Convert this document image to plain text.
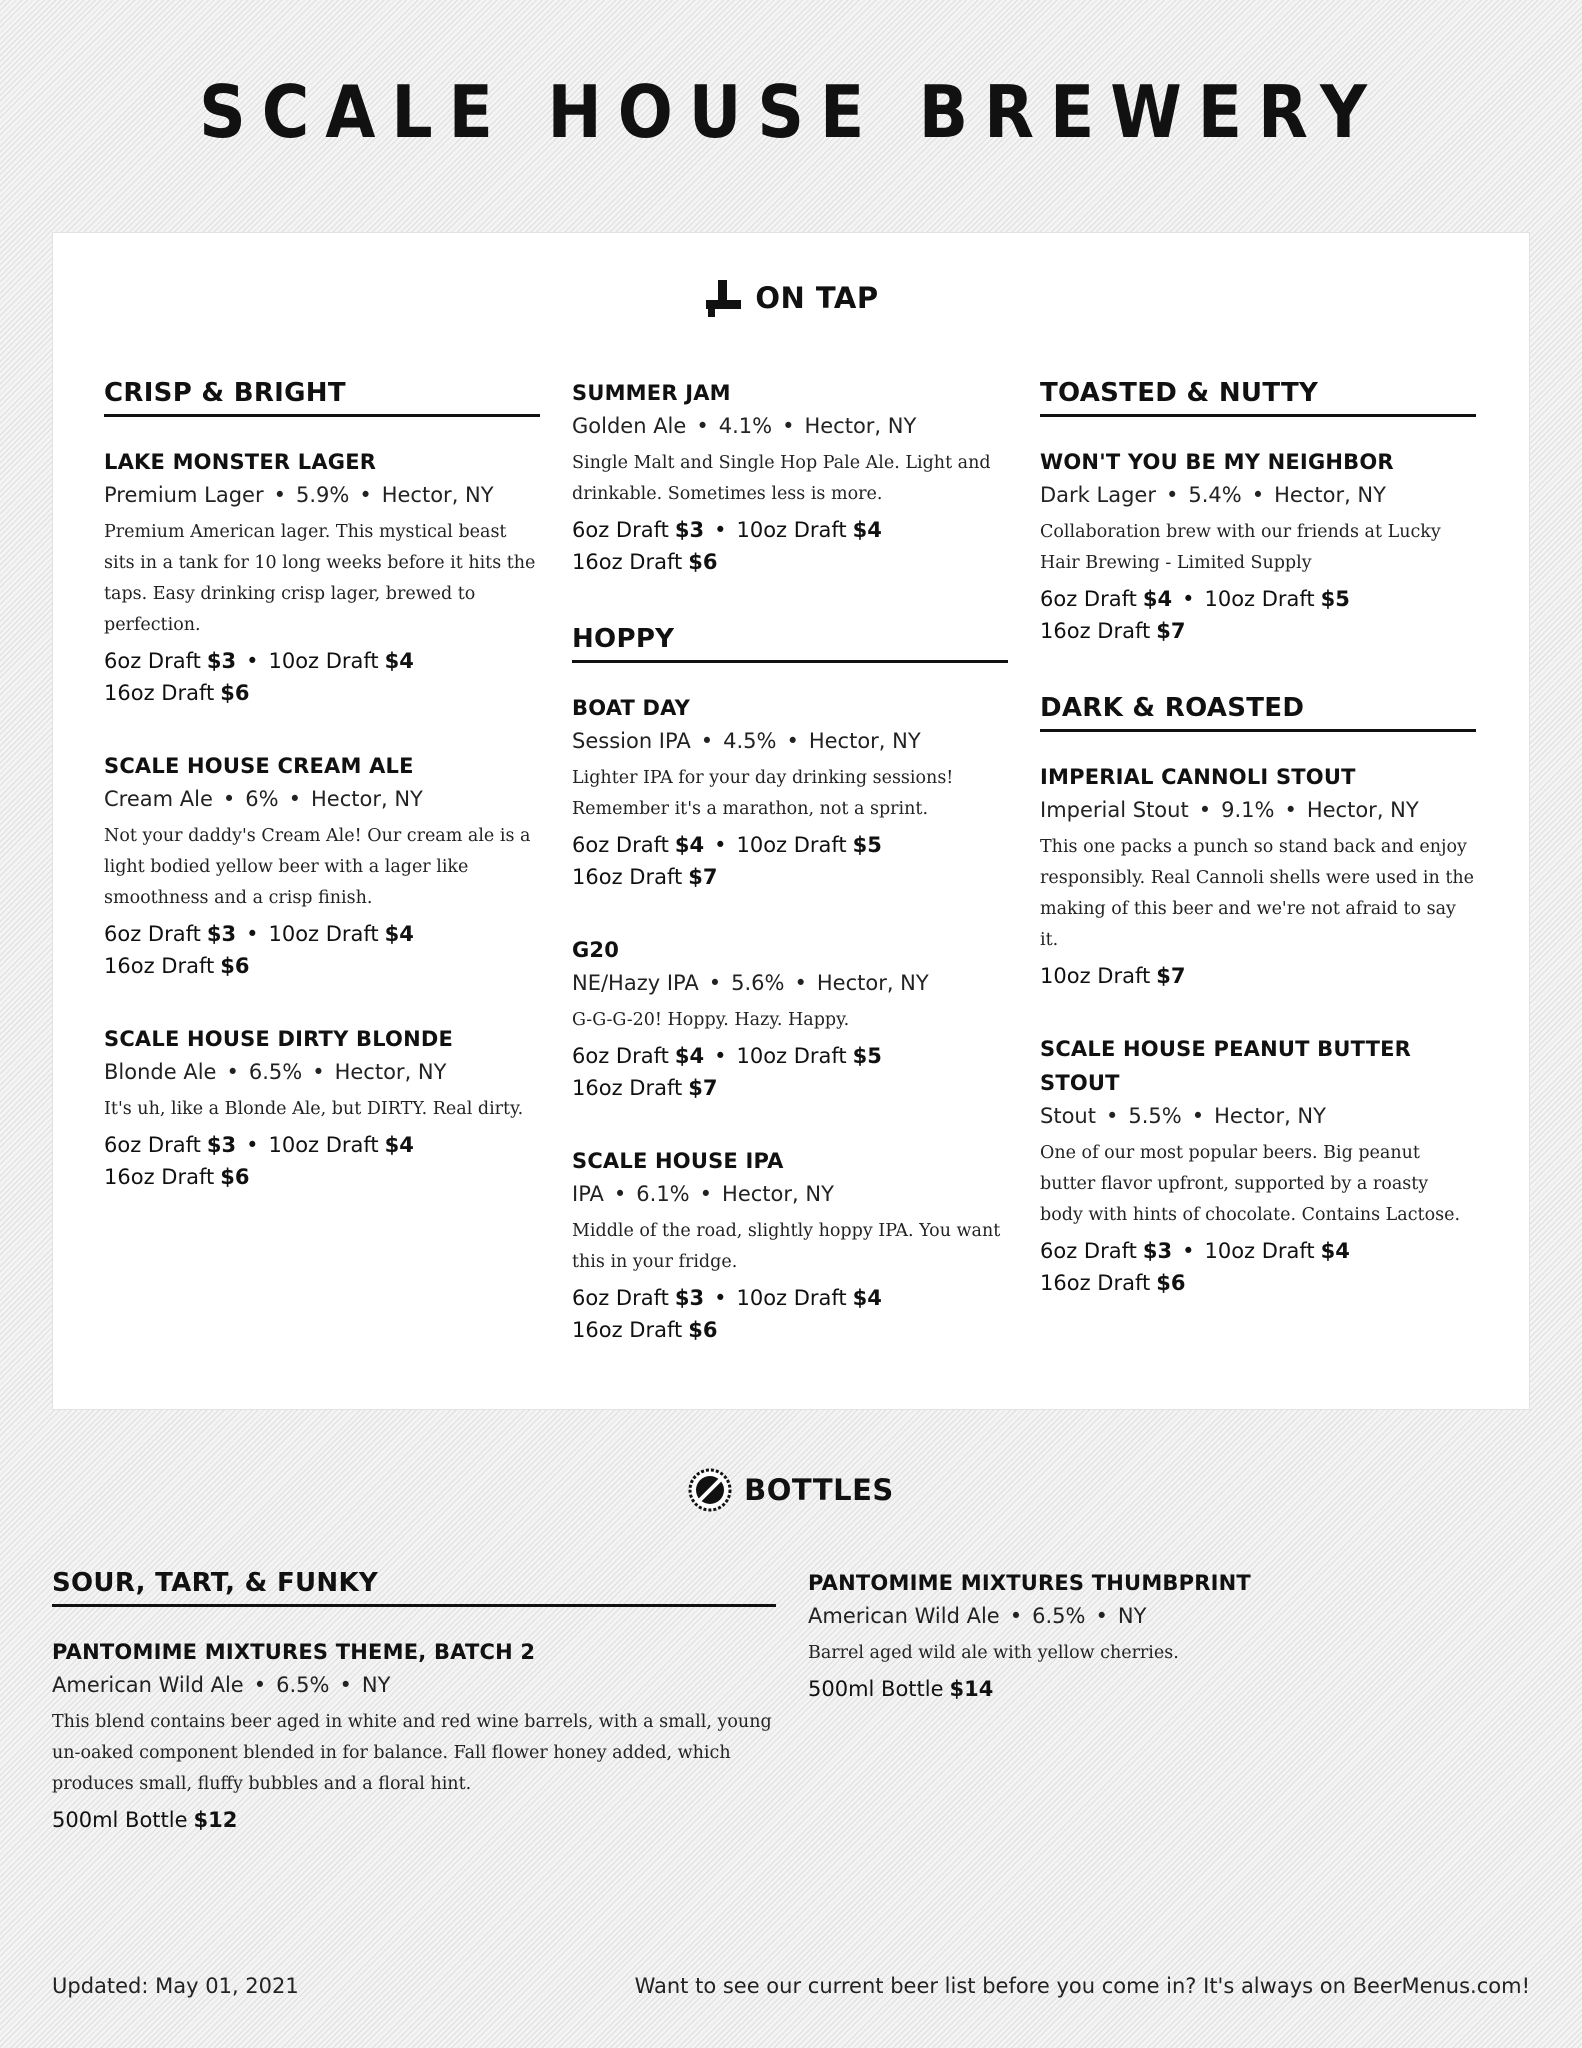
SCALE HOUSE BREWERY
ON TAP
CRISP & BRIGHT
LAKE MONSTER LAGER
Premium Lager • 5.9% • Hector, NY
Premium American lager. This mystical beast sits in a tank for 10 long weeks before it hits the taps. Easy drinking crisp lager, brewed to perfection.
6oz Draft $3 • 10oz Draft $4
16oz Draft $6
SCALE HOUSE CREAM ALE
Cream Ale • 6% • Hector, NY
Not your daddy's Cream Ale! Our cream ale is a light bodied yellow beer with a lager like smoothness and a crisp finish.
6oz Draft $3 • 10oz Draft $4
16oz Draft $6
SCALE HOUSE DIRTY BLONDE
Blonde Ale • 6.5% • Hector, NY
It's uh, like a Blonde Ale, but DIRTY. Real dirty.
6oz Draft $3 • 10oz Draft $4
16oz Draft $6
SUMMER JAM
Golden Ale • 4.1% • Hector, NY
Single Malt and Single Hop Pale Ale. Light and drinkable. Sometimes less is more.
6oz Draft $3 • 10oz Draft $4
16oz Draft $6
HOPPY
BOAT DAY
Session IPA • 4.5% • Hector, NY
Lighter IPA for your day drinking sessions! Remember it's a marathon, not a sprint.
6oz Draft $4 • 10oz Draft $5
16oz Draft $7
G20
NE/Hazy IPA • 5.6% • Hector, NY
G-G-G-20! Hoppy. Hazy. Happy.
6oz Draft $4 • 10oz Draft $5
16oz Draft $7
SCALE HOUSE IPA
IPA • 6.1% • Hector, NY
Middle of the road, slightly hoppy IPA. You want this in your fridge.
6oz Draft $3 • 10oz Draft $4
16oz Draft $6
TOASTED & NUTTY
WON'T YOU BE MY NEIGHBOR
Dark Lager • 5.4% • Hector, NY
Collaboration brew with our friends at Lucky Hair Brewing - Limited Supply
6oz Draft $4 • 10oz Draft $5
16oz Draft $7
DARK & ROASTED
IMPERIAL CANNOLI STOUT
Imperial Stout • 9.1% • Hector, NY
This one packs a punch so stand back and enjoy responsibly. Real Cannoli shells were used in the making of this beer and we're not afraid to say it.
10oz Draft $7
SCALE HOUSE PEANUT BUTTER STOUT
Stout • 5.5% • Hector, NY
One of our most popular beers. Big peanut butter flavor upfront, supported by a roasty body with hints of chocolate. Contains Lactose.
6oz Draft $3 • 10oz Draft $4
16oz Draft $6
BOTTLES
SOUR, TART, & FUNKY
PANTOMIME MIXTURES THEME, BATCH 2
American Wild Ale • 6.5% • NY
This blend contains beer aged in white and red wine barrels, with a small, young un-oaked component blended in for balance. Fall flower honey added, which produces small, fluffy bubbles and a floral hint.
500ml Bottle $12
PANTOMIME MIXTURES THUMBPRINT
American Wild Ale • 6.5% • NY
Barrel aged wild ale with yellow cherries.
500ml Bottle $14
Updated: May 01, 2021	Want to see our current beer list before you come in? It's always on BeerMenus.com!
